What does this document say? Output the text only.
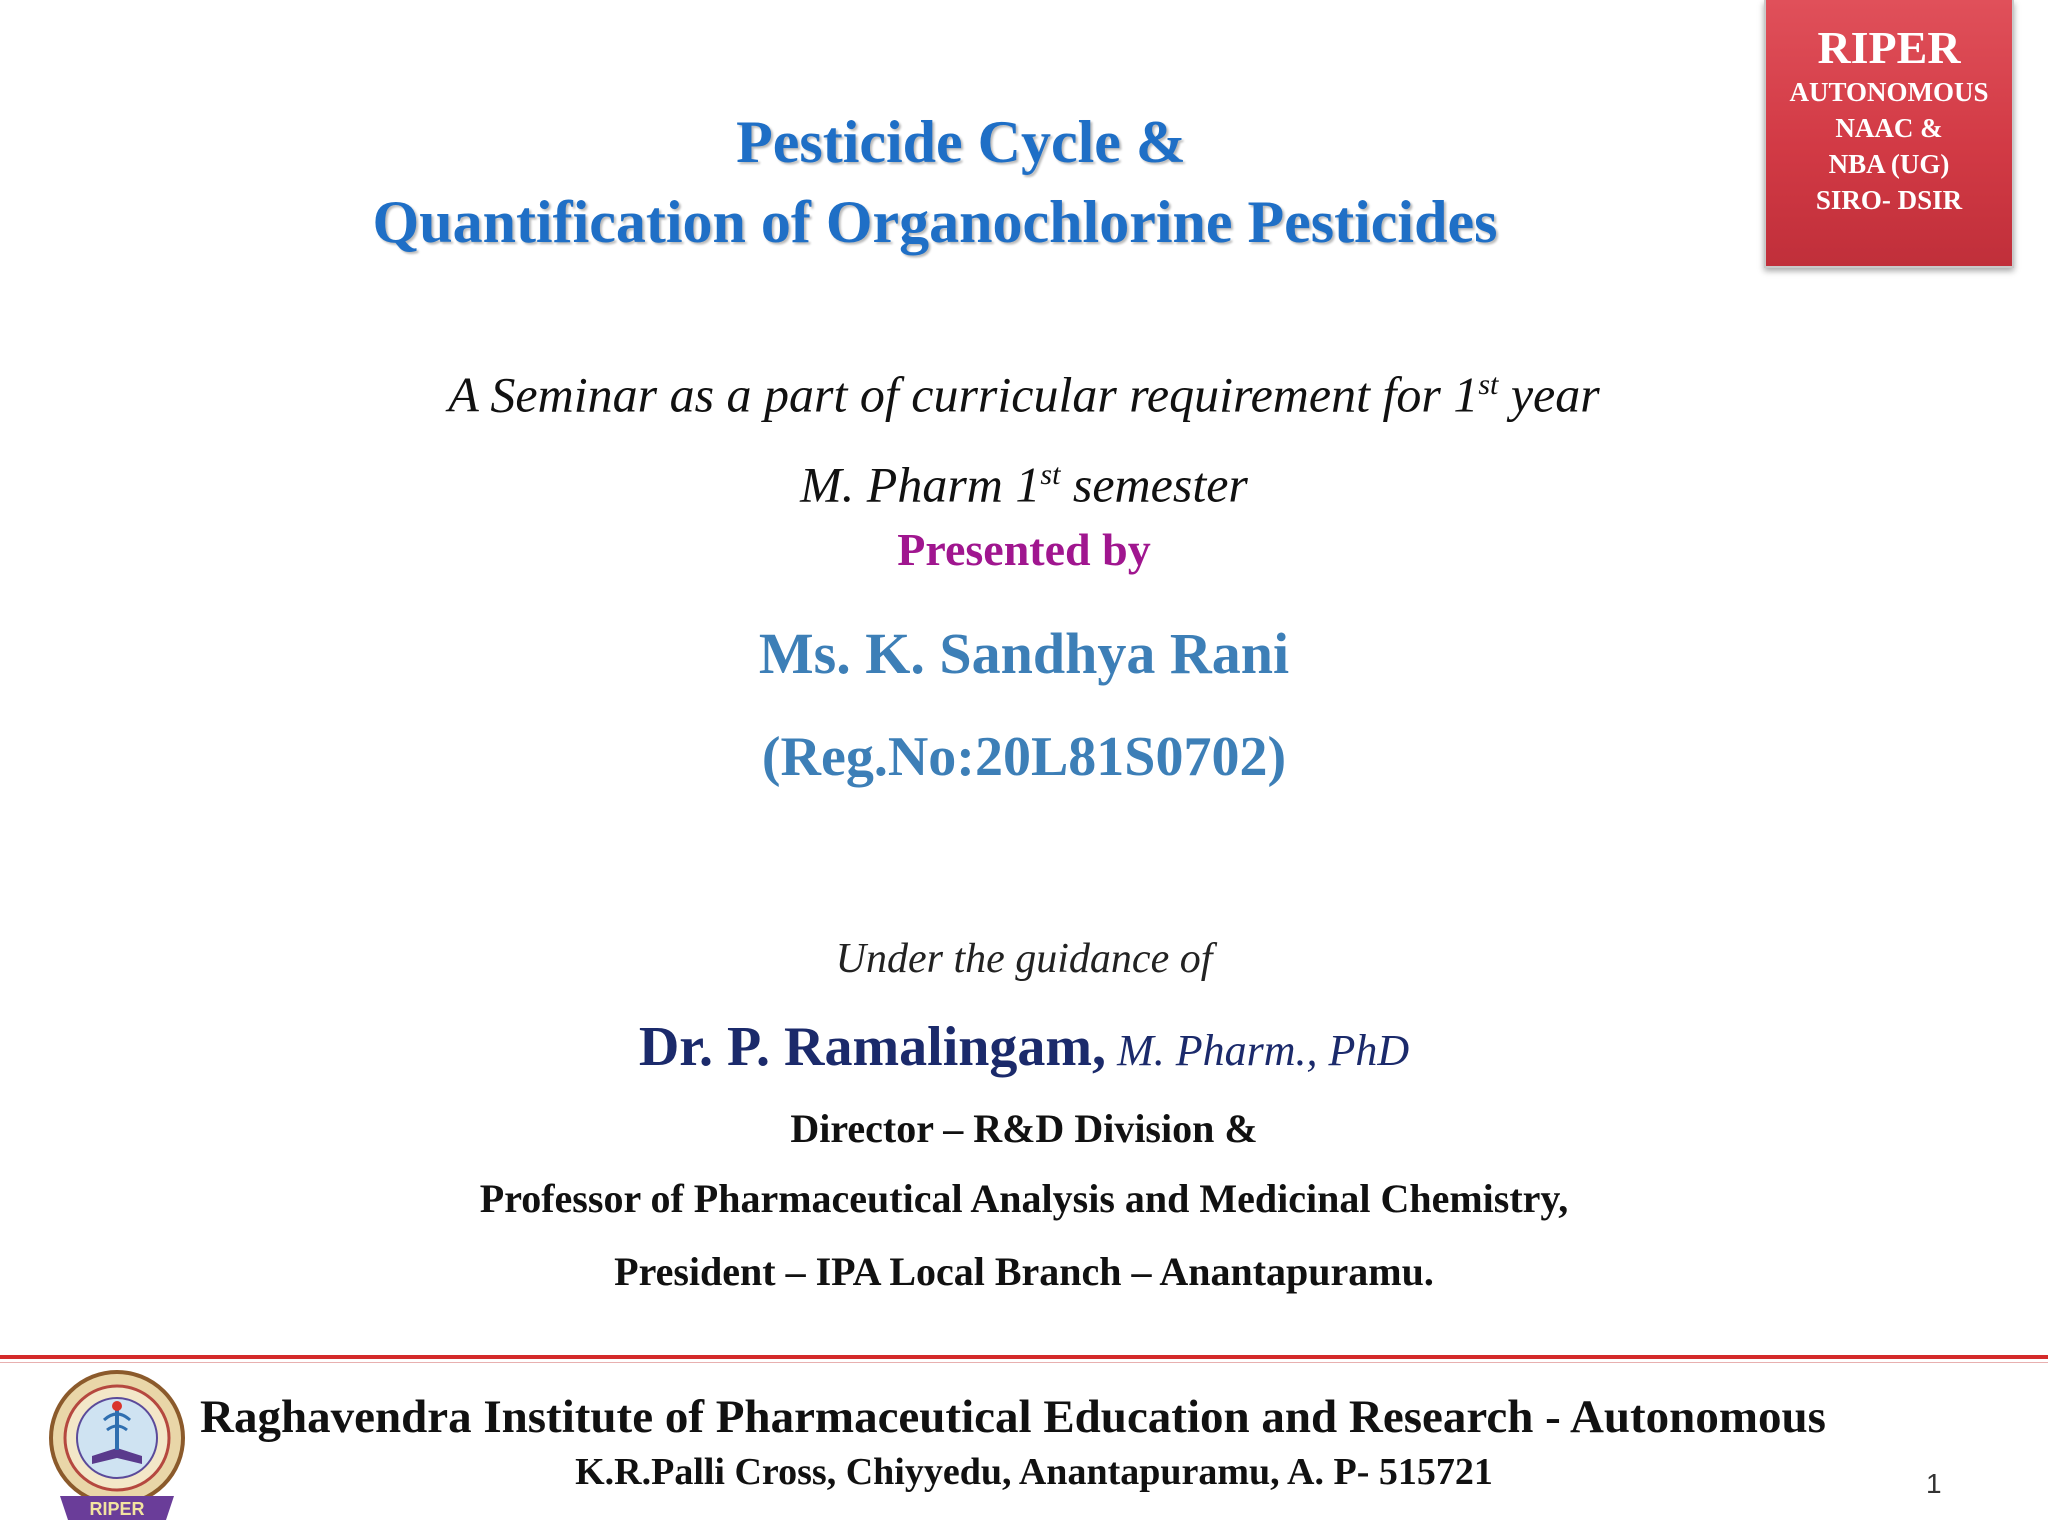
RIPER
AUTONOMOUS
NAAC &
NBA (UG)
SIRO- DSIR
Pesticide Cycle &
Quantification of Organochlorine Pesticides
A Seminar as a part of curricular requirement for 1st year
M. Pharm 1st semester
Presented by
Ms. K. Sandhya Rani
(Reg.No:20L81S0702)
Under the guidance of
Dr. P. Ramalingam, M. Pharm., PhD
Director – R&D Division &
Professor of Pharmaceutical Analysis and Medicinal Chemistry,
President – IPA Local Branch – Anantapuramu.
RIPER
Raghavendra Institute of Pharmaceutical Education and Research - Autonomous
K.R.Palli Cross, Chiyyedu, Anantapuramu, A. P- 515721	1
